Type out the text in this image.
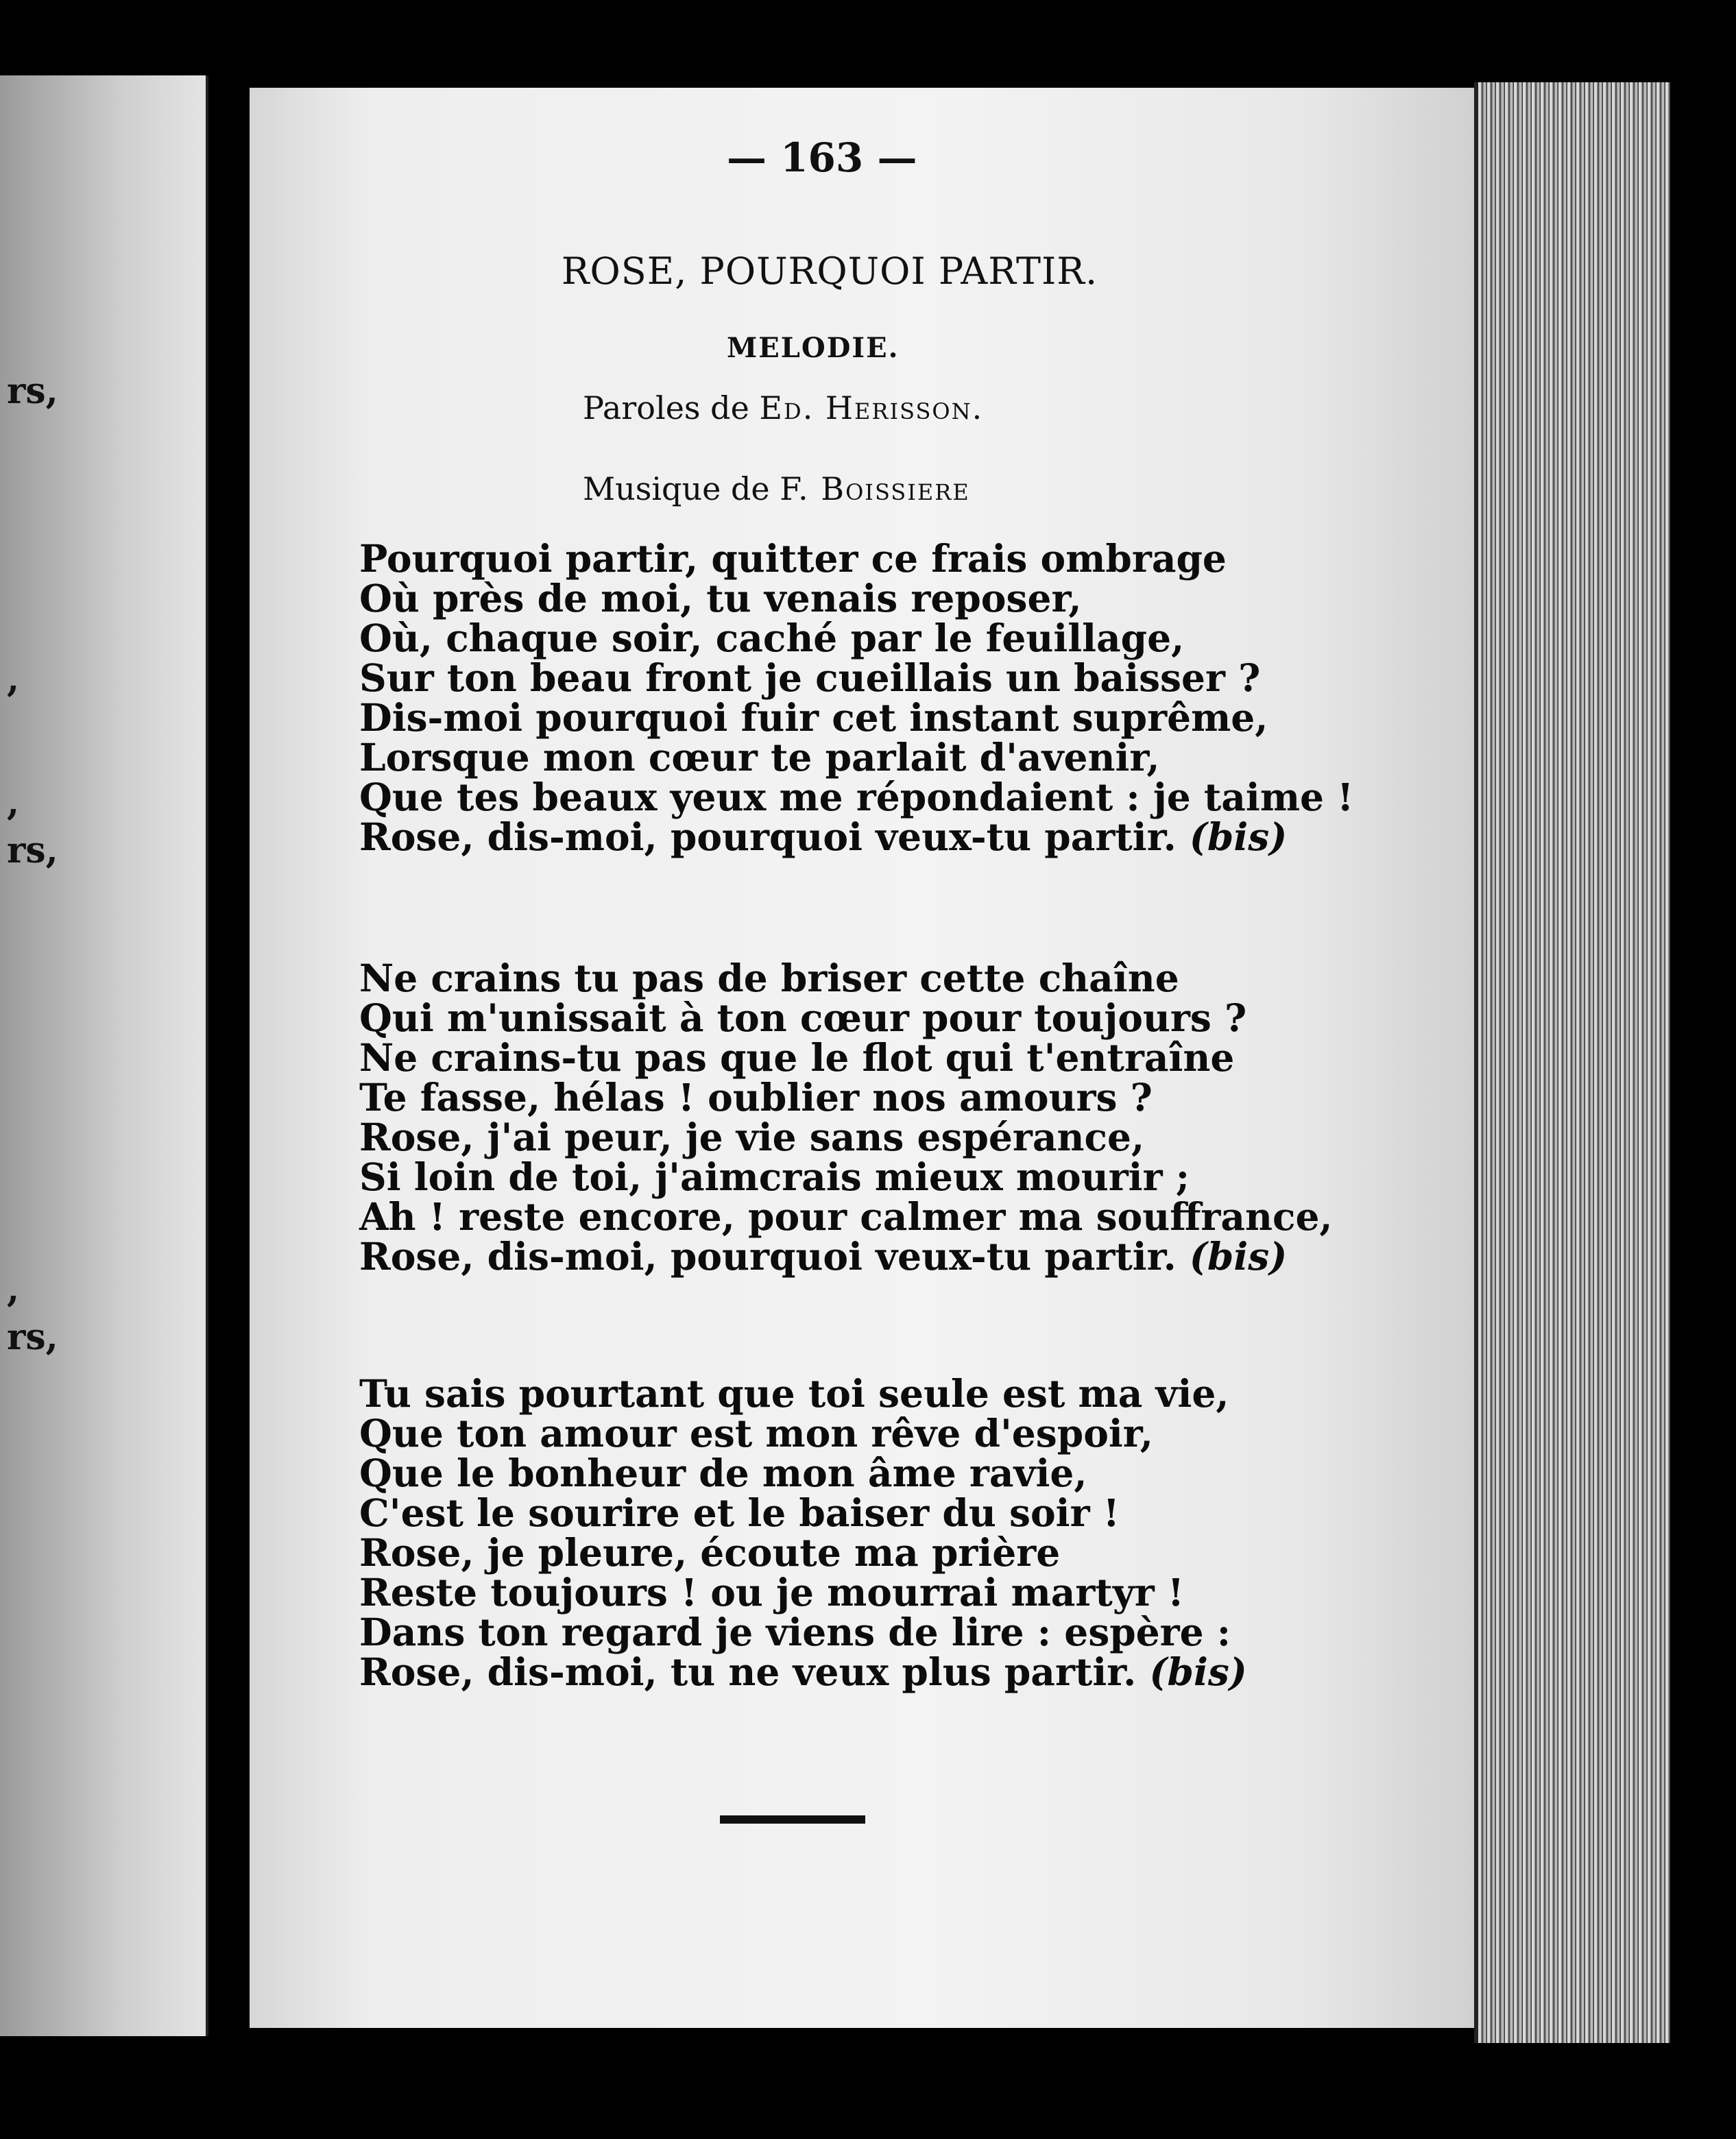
rs,
,
,
rs,
,
rs,
— 163 —
ROSE, POURQUOI PARTIR.
MELODIE.
Paroles de Ed. Herisson.
Musique de F. Boissiere
Pourquoi partir, quitter ce frais ombrage
Où près de moi, tu venais reposer,
Où, chaque soir, caché par le feuillage,
Sur ton beau front je cueillais un baisser ?
Dis-moi pourquoi fuir cet instant suprême,
Lorsque mon cœur te parlait d'avenir,
Que tes beaux yeux me répondaient : je taime !
Rose, dis-moi, pourquoi veux-tu partir. (bis)
Ne crains tu pas de briser cette chaîne
Qui m'unissait à ton cœur pour toujours ?
Ne crains-tu pas que le flot qui t'entraîne
Te fasse, hélas ! oublier nos amours ?
Rose, j'ai peur, je vie sans espérance,
Si loin de toi, j'aimcrais mieux mourir ;
Ah ! reste encore, pour calmer ma souffrance,
Rose, dis-moi, pourquoi veux-tu partir. (bis)
Tu sais pourtant que toi seule est ma vie,
Que ton amour est mon rêve d'espoir,
Que le bonheur de mon âme ravie,
C'est le sourire et le baiser du soir !
Rose, je pleure, écoute ma prière
Reste toujours ! ou je mourrai martyr !
Dans ton regard je viens de lire : espère :
Rose, dis-moi, tu ne veux plus partir. (bis)
